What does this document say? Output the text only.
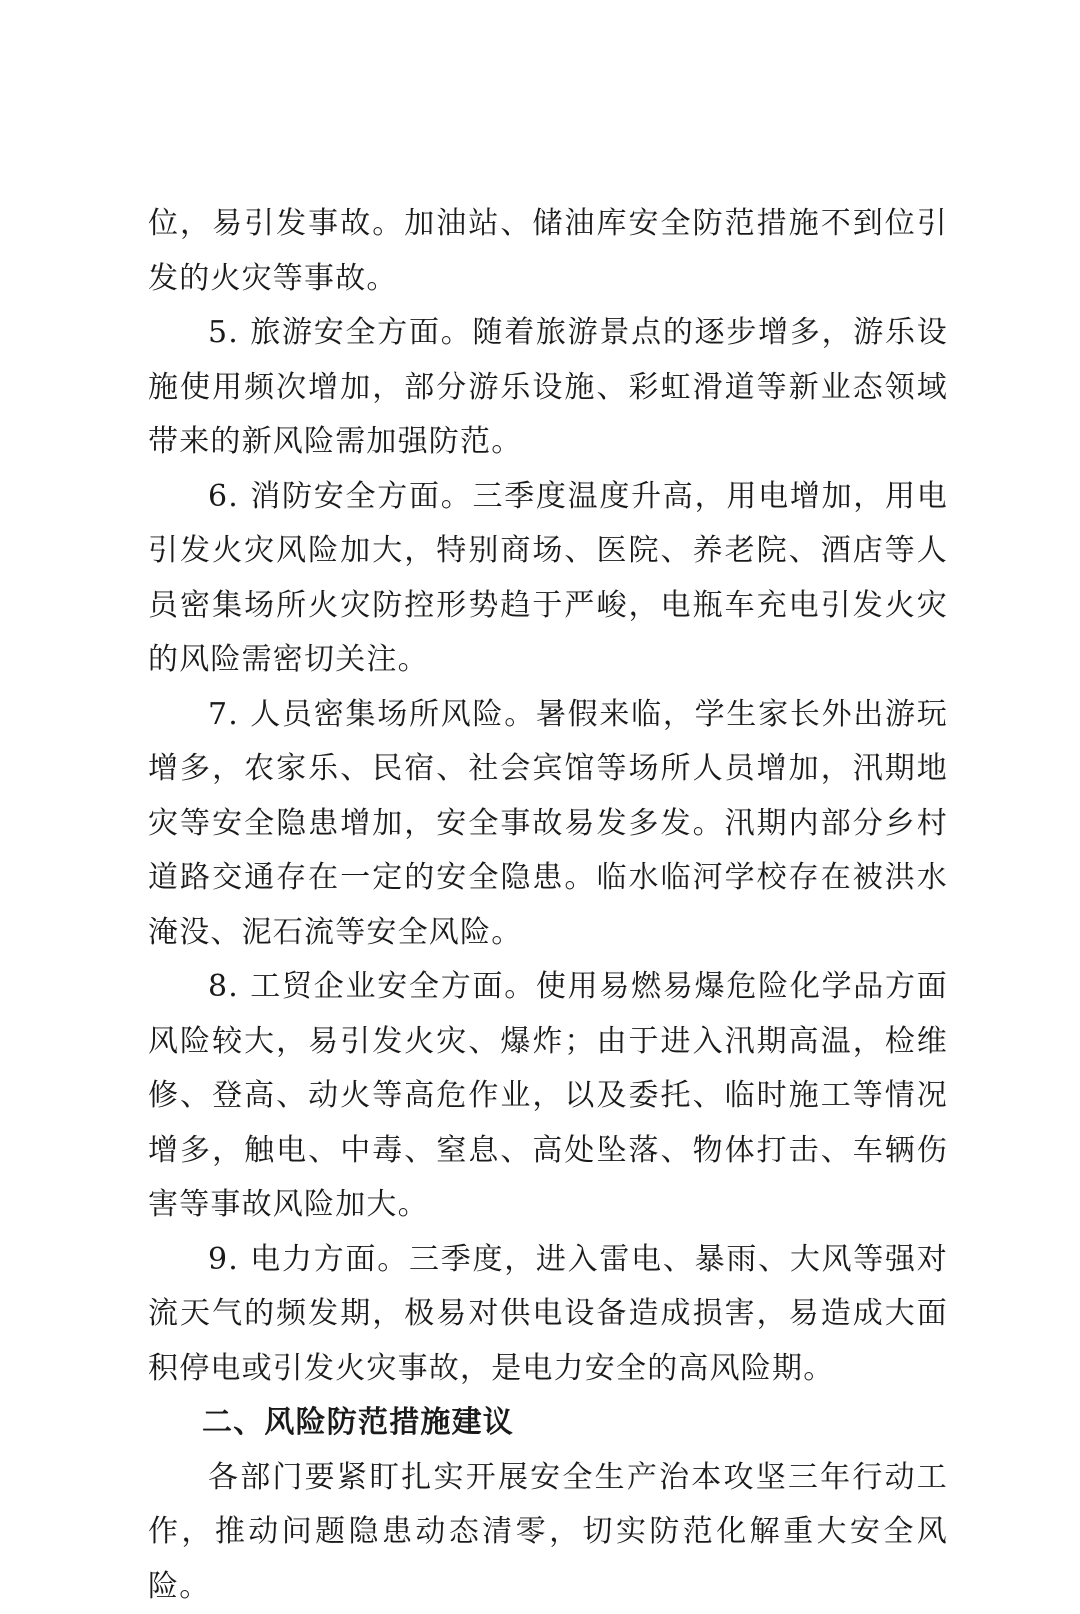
位，易引发事故。加油站、储油库安全防范措施不到位引发的火灾等事故。

5. 旅游安全方面。随着旅游景点的逐步增多，游乐设施使用频次增加，部分游乐设施、彩虹滑道等新业态领域带来的新风险需加强防范。

6. 消防安全方面。三季度温度升高，用电增加，用电引发火灾风险加大，特别商场、医院、养老院、酒店等人员密集场所火灾防控形势趋于严峻，电瓶车充电引发火灾的风险需密切关注。

7. 人员密集场所风险。暑假来临，学生家长外出游玩增多，农家乐、民宿、社会宾馆等场所人员增加，汛期地灾等安全隐患增加，安全事故易发多发。汛期内部分乡村道路交通存在一定的安全隐患。临水临河学校存在被洪水淹没、泥石流等安全风险。

8. 工贸企业安全方面。使用易燃易爆危险化学品方面风险较大，易引发火灾、爆炸；由于进入汛期高温，检维修、登高、动火等高危作业，以及委托、临时施工等情况增多，触电、中毒、窒息、高处坠落、物体打击、车辆伤害等事故风险加大。

9. 电力方面。三季度，进入雷电、暴雨、大风等强对流天气的频发期，极易对供电设备造成损害，易造成大面积停电或引发火灾事故，是电力安全的高风险期。

二、风险防范措施建议

各部门要紧盯扎实开展安全生产治本攻坚三年行动工作，推动问题隐患动态清零，切实防范化解重大安全风险。
